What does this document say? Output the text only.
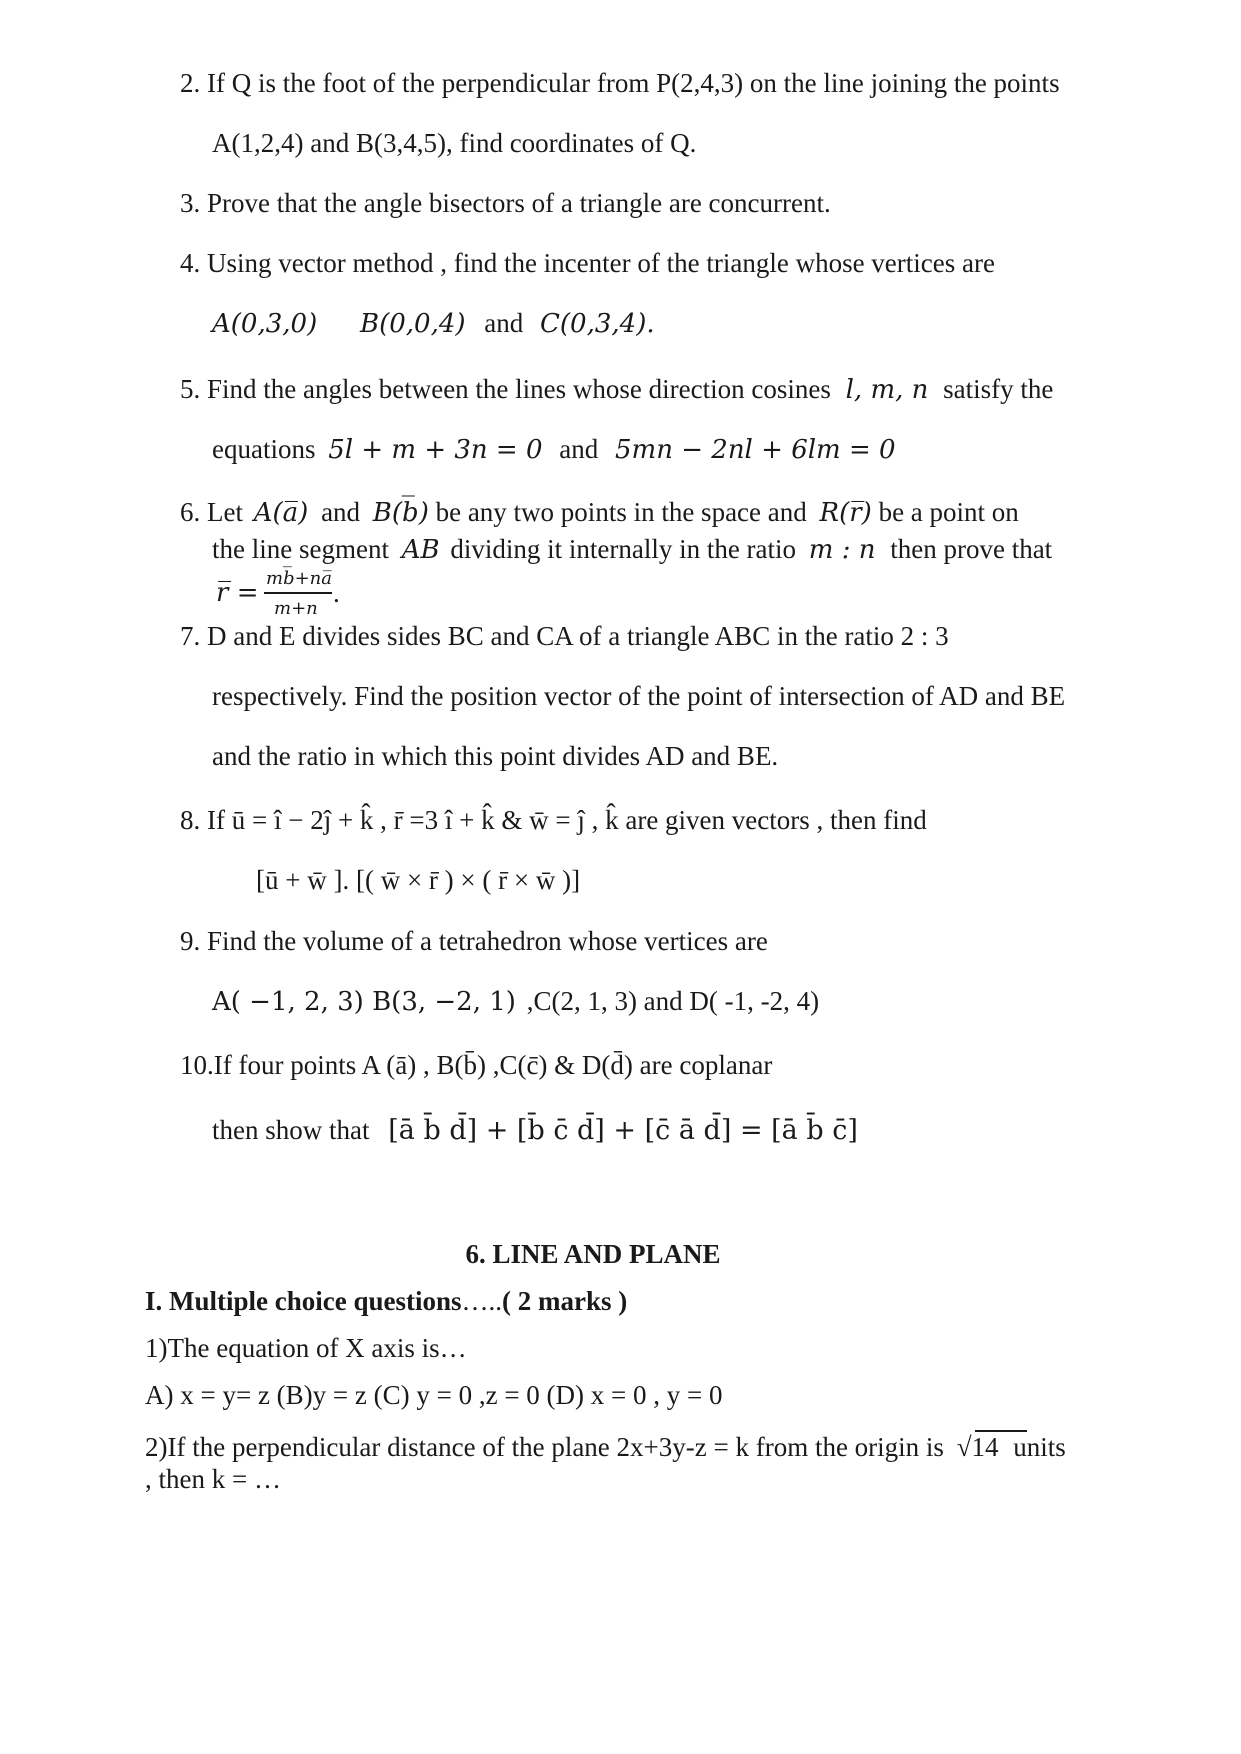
2. If Q is the foot of the perpendicular from P(2,4,3) on the line joining the points
A(1,2,4) and B(3,4,5), find coordinates of Q.
3. Prove that the angle bisectors of a triangle are concurrent.
4. Using vector method , find the incenter of the triangle whose vertices are
A(0,3,0) B(0,0,4) and C(0,3,4).
5. Find the angles between the lines whose direction cosines l, m, n satisfy the
equations 5l + m + 3n = 0 and 5mn − 2nl + 6lm = 0
6. Let A(a̅) and B(b̅) be any two points in the space and R(r̅) be a point on
the line segment AB dividing it internally in the ratio m : n then prove that
r̅ = mb̅+na̅
m+n
.
7. D and E divides sides BC and CA of a triangle ABC in the ratio 2 : 3
respectively. Find the position vector of the point of intersection of AD and BE
and the ratio in which this point divides AD and BE.
8. If ū = î − 2ĵ + k̂ , r̄ =3 î + k̂ & w̄ = ĵ , k̂ are given vectors , then find
[ū + w̄ ]. [( w̄ × r̄ ) × ( r̄ × w̄ )]
9. Find the volume of a tetrahedron whose vertices are
A( −1, 2, 3) B(3, −2, 1) ,C(2, 1, 3) and D( -1, -2, 4)
10.If four points A (ā) , B(b̄) ,C(c̄) & D(d̄) are coplanar
then show that [ā b̄ d̄] + [b̄ c̄ d̄] + [c̄ ā d̄] = [ā b̄ c̄]
6. LINE AND PLANE
I. Multiple choice questions…..( 2 marks )
1)The equation of X axis is…
A) x = y= z (B)y = z (C) y = 0 ,z = 0 (D) x = 0 , y = 0
2)If the perpendicular distance of the plane 2x+3y-z = k from the origin is √14 units
, then k = …
